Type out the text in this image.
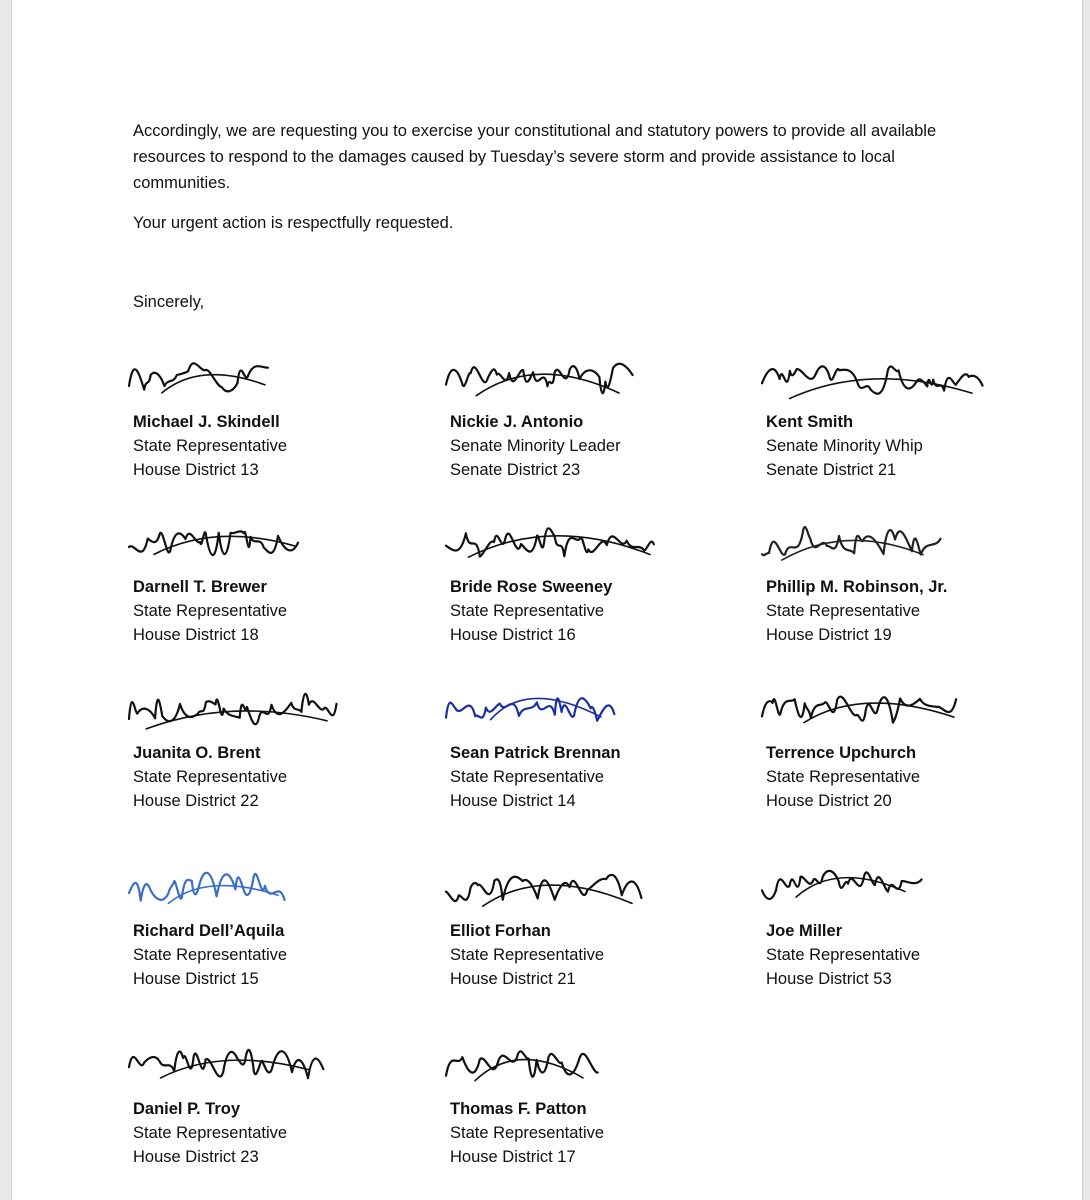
Accordingly, we are requesting you to exercise your constitutional and statutory powers to provide all available resources to respond to the damages caused by Tuesday’s severe storm and provide assistance to local communities.

Your urgent action is respectfully requested.

Sincerely,

Michael J. Skindell
State Representative
House District 13
Nickie J. Antonio
Senate Minority Leader
Senate District 23
Kent Smith
Senate Minority Whip
Senate District 21
Darnell T. Brewer
State Representative
House District 18
Bride Rose Sweeney
State Representative
House District 16
Phillip M. Robinson, Jr.
State Representative
House District 19
Juanita O. Brent
State Representative
House District 22
Sean Patrick Brennan
State Representative
House District 14
Terrence Upchurch
State Representative
House District 20
Richard Dell’Aquila
State Representative
House District 15
Elliot Forhan
State Representative
House District 21
Joe Miller
State Representative
House District 53
Daniel P. Troy
State Representative
House District 23
Thomas F. Patton
State Representative
House District 17
